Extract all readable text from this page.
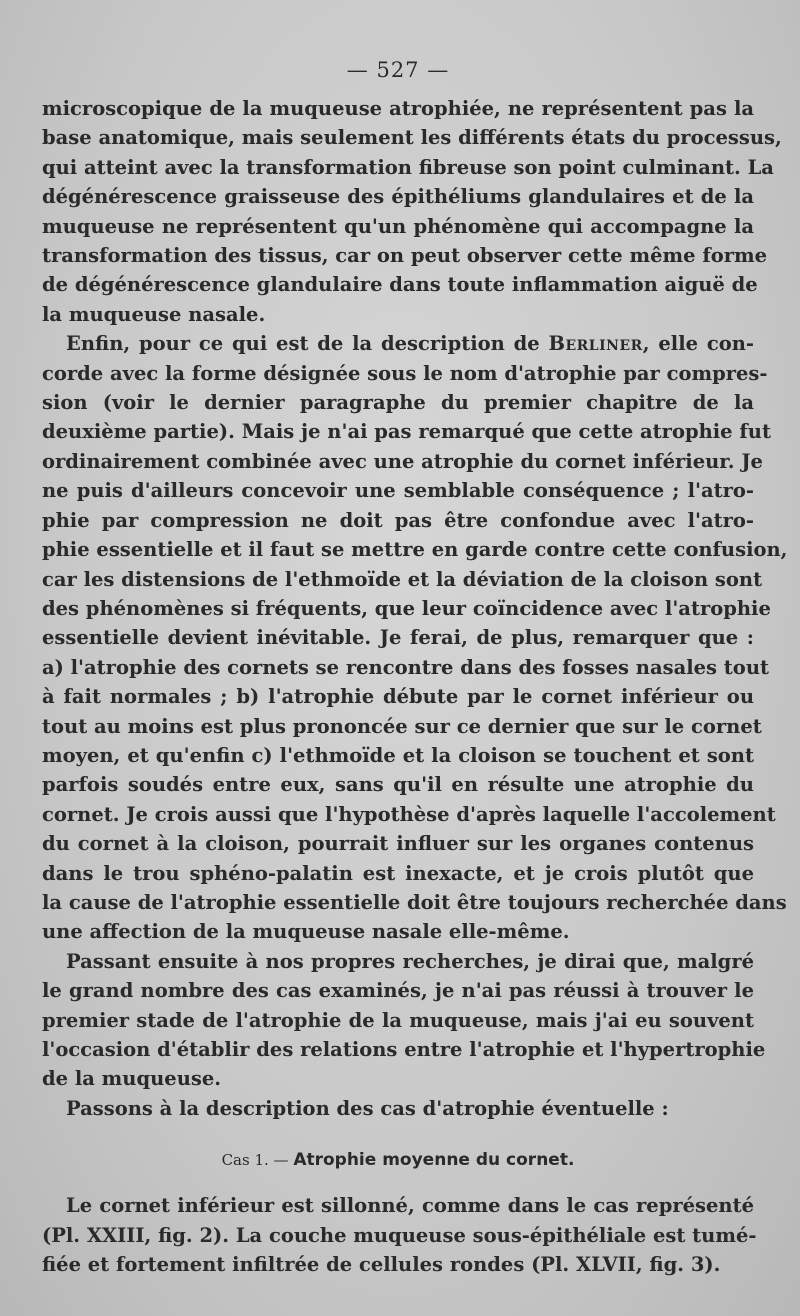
— 527 —
microscopique de la muqueuse atrophiée, ne représentent pas la
base anatomique, mais seulement les différents états du processus,
qui atteint avec la transformation fibreuse son point culminant. La
dégénérescence graisseuse des épithéliums glandulaires et de la
muqueuse ne représentent qu'un phénomène qui accompagne la
transformation des tissus, car on peut observer cette même forme
de dégénérescence glandulaire dans toute inflammation aiguë de
la muqueuse nasale.
Enfin, pour ce qui est de la description de Berliner, elle con-
corde avec la forme désignée sous le nom d'atrophie par compres-
sion (voir le dernier paragraphe du premier chapitre de la
deuxième partie). Mais je n'ai pas remarqué que cette atrophie fut
ordinairement combinée avec une atrophie du cornet inférieur. Je
ne puis d'ailleurs concevoir une semblable conséquence ; l'atro-
phie par compression ne doit pas être confondue avec l'atro-
phie essentielle et il faut se mettre en garde contre cette confusion,
car les distensions de l'ethmoïde et la déviation de la cloison sont
des phénomènes si fréquents, que leur coïncidence avec l'atrophie
essentielle devient inévitable. Je ferai, de plus, remarquer que :
a) l'atrophie des cornets se rencontre dans des fosses nasales tout
à fait normales ; b) l'atrophie débute par le cornet inférieur ou
tout au moins est plus prononcée sur ce dernier que sur le cornet
moyen, et qu'enfin c) l'ethmoïde et la cloison se touchent et sont
parfois soudés entre eux, sans qu'il en résulte une atrophie du
cornet. Je crois aussi que l'hypothèse d'après laquelle l'accolement
du cornet à la cloison, pourrait influer sur les organes contenus
dans le trou sphéno-palatin est inexacte, et je crois plutôt que
la cause de l'atrophie essentielle doit être toujours recherchée dans
une affection de la muqueuse nasale elle-même.
Passant ensuite à nos propres recherches, je dirai que, malgré
le grand nombre des cas examinés, je n'ai pas réussi à trouver le
premier stade de l'atrophie de la muqueuse, mais j'ai eu souvent
l'occasion d'établir des relations entre l'atrophie et l'hypertrophie
de la muqueuse.
Passons à la description des cas d'atrophie éventuelle :
Cas 1. — Atrophie moyenne du cornet.
Le cornet inférieur est sillonné, comme dans le cas représenté
(Pl. XXIII, fig. 2). La couche muqueuse sous-épithéliale est tumé-
fiée et fortement infiltrée de cellules rondes (Pl. XLVII, fig. 3).
